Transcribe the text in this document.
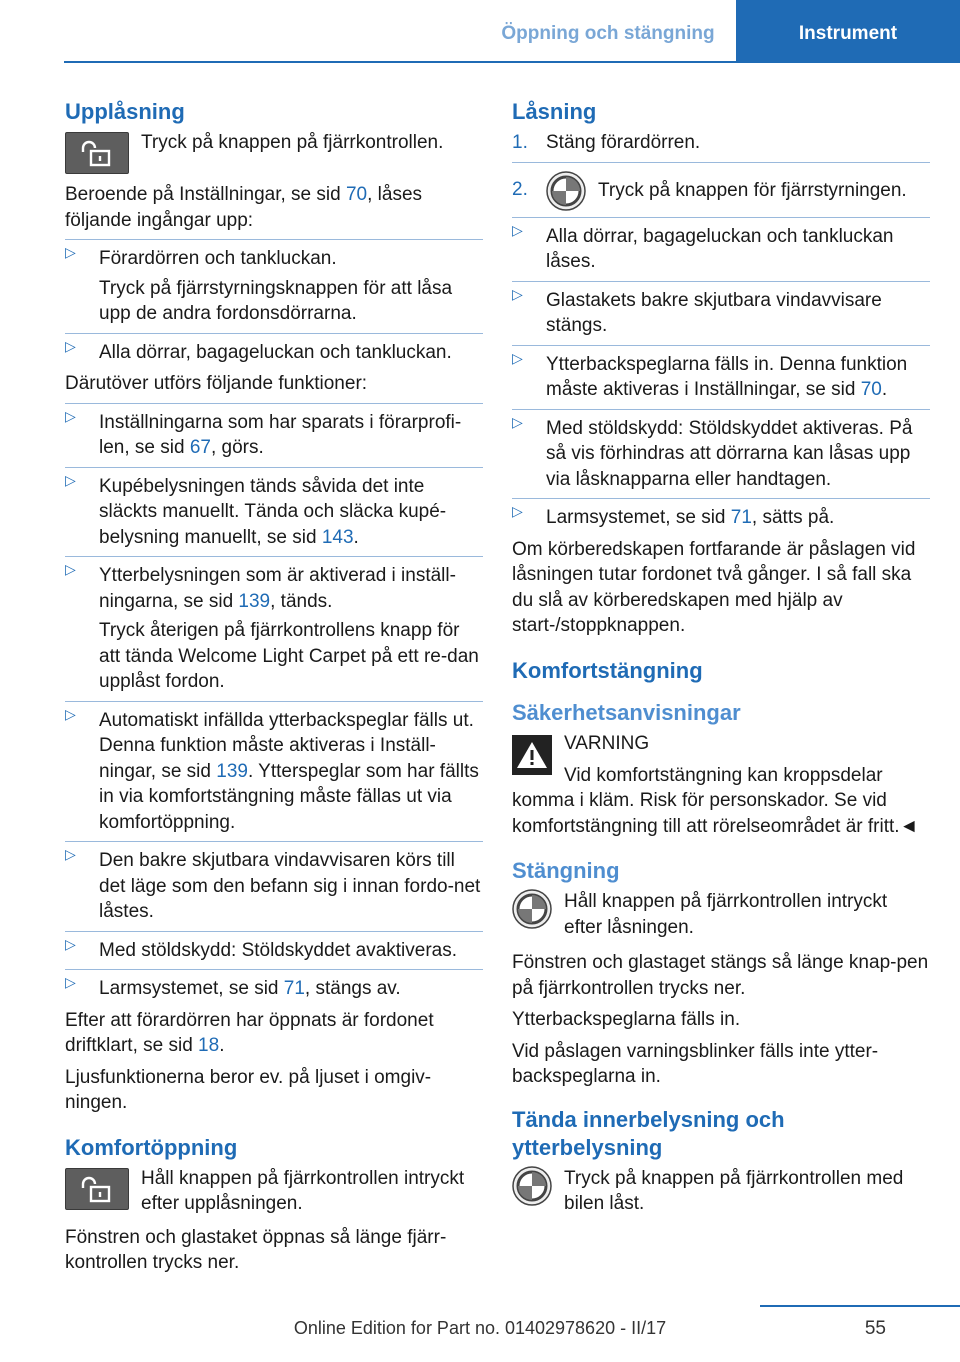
Öppning och stängning	Instrument
Upplåsning
Tryck på knappen på fjärrkontrollen.

Beroende på Inställningar, se sid 70, låses följande ingångar upp:

▷ Förardörren och tankluckan.
Tryck på fjärrstyrningsknappen för att låsa upp de andra fordonsdörrarna.
▷ Alla dörrar, bagageluckan och tankluckan.

Därutöver utförs följande funktioner:

▷ Inställningarna som har sparats i förarprofi-len, se sid 67, görs.
▷ Kupébelysningen tänds såvida det inte släckts manuellt. Tända och släcka kupé-belysning manuellt, se sid 143.
▷ Ytterbelysningen som är aktiverad i inställ-ningarna, se sid 139, tänds.
Tryck återigen på fjärrkontrollens knapp för att tända Welcome Light Carpet på ett re-dan upplåst fordon.
▷ Automatiskt infällda ytterbackspeglar fälls ut. Denna funktion måste aktiveras i Inställ-ningar, se sid 139. Ytterspeglar som har fällts in via komfortstängning måste fällas ut via komfortöppning.
▷ Den bakre skjutbara vindavvisaren körs till det läge som den befann sig i innan fordo-net låstes.
▷ Med stöldskydd: Stöldskyddet avaktiveras.
▷ Larmsystemet, se sid 71, stängs av.

Efter att förardörren har öppnats är fordonet driftklart, se sid 18.

Ljusfunktionerna beror ev. på ljuset i omgiv-ningen.

Komfortöppning
Håll knappen på fjärrkontrollen intryckt efter upplåsningen.

Fönstren och glastaket öppnas så länge fjärr-kontrollen trycks ner.

Låsning
1. Stäng förardörren.
2.	Tryck på knappen för fjärrstyrningen.
▷ Alla dörrar, bagageluckan och tankluckan låses.
▷ Glastakets bakre skjutbara vindavvisare stängs.
▷ Ytterbackspeglarna fälls in. Denna funktion måste aktiveras i Inställningar, se sid 70.
▷ Med stöldskydd: Stöldskyddet aktiveras. På så vis förhindras att dörrarna kan låsas upp via låsknapparna eller handtagen.
▷ Larmsystemet, se sid 71, sätts på.

Om körberedskapen fortfarande är påslagen vid låsningen tutar fordonet två gånger. I så fall ska du slå av körberedskapen med hjälp av start-/stoppknappen.

Komfortstängning
Säkerhetsanvisningar
VARNING

Vid komfortstängning kan kroppsdelar komma i kläm. Risk för personskador. Se vid komfortstängning till att rörelseområdet är fritt.◄

Stängning
Håll knappen på fjärrkontrollen intryckt efter låsningen.

Fönstren och glastaget stängs så länge knap-pen på fjärrkontrollen trycks ner.

Ytterbackspeglarna fälls in.

Vid påslagen varningsblinker fälls inte ytter-backspeglarna in.

Tända innerbelysning och ytterbelysning
Tryck på knappen på fjärrkontrollen med bilen låst.
55
Online Edition for Part no. 01402978620 - II/17
